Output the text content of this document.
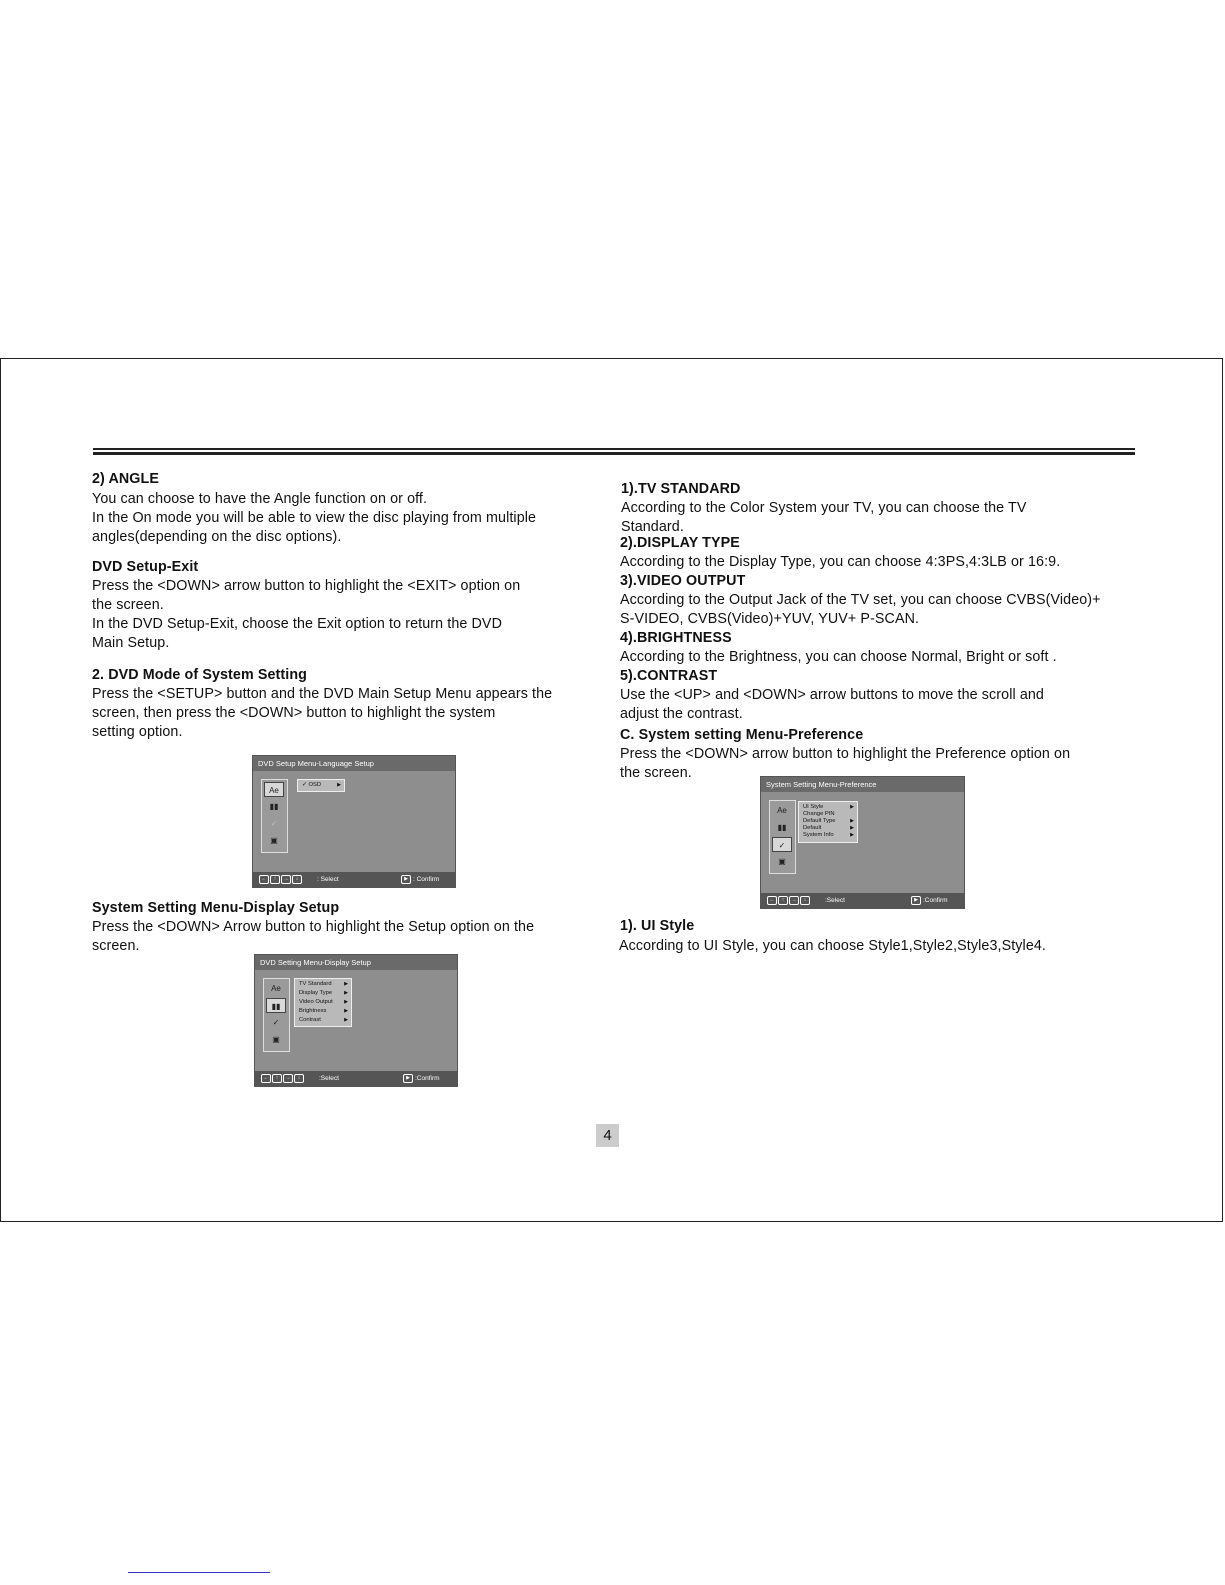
2) ANGLE
You can choose to have the Angle function on or off.
In the On mode you will be able to view the disc playing from multiple
angles(depending on the disc options).
DVD Setup-Exit
Press the <DOWN> arrow button to highlight the <EXIT> option on
the screen.
In the DVD Setup-Exit, choose the Exit option to return the DVD
Main Setup.
2. DVD Mode of System Setting
Press the <SETUP> button and the DVD Main Setup Menu appears the
screen, then press the <DOWN> button to highlight the system
setting option.
DVD Setup Menu-Language Setup
Ae
▮▮
✓
▣
✓ OSD	▶
← ↑ → ↓	: Select	▶ : Confirm
System Setting Menu-Display Setup
Press the <DOWN> Arrow button to highlight the Setup option on the
screen.
DVD Setting Menu-Display Setup
Ae
▮▮
✓
▣
TV Standard	▶
Display Type ▶
Video Output ▶
Brightness	▶
Contrast	▶
← ↑ → ↓	:Select	▶ :Confirm
1).TV STANDARD
According to the Color System your TV, you can choose the TV
Standard.
2).DISPLAY TYPE
According to the Display Type, you can choose 4:3PS,4:3LB or 16:9.
3).VIDEO OUTPUT
According to the Output Jack of the TV set, you can choose CVBS(Video)+
S-VIDEO, CVBS(Video)+YUV, YUV+ P-SCAN.
4).BRIGHTNESS
According to the Brightness, you can choose Normal, Bright or soft .
5).CONTRAST
Use the <UP> and <DOWN> arrow buttons to move the scroll and
adjust the contrast.
C. System setting Menu-Preference
Press the <DOWN> arrow button to highlight the Preference option on
the screen.
System Setting Menu-Preference
Ae
▮▮
✓
▣
UI Style	▶
Change PIN
Default Type	▶
Default	▶
System Info	▶
← ↑ → ↓	:Select	▶ :Confirm
1). UI Style
According to UI Style, you can choose Style1,Style2,Style3,Style4.
4
